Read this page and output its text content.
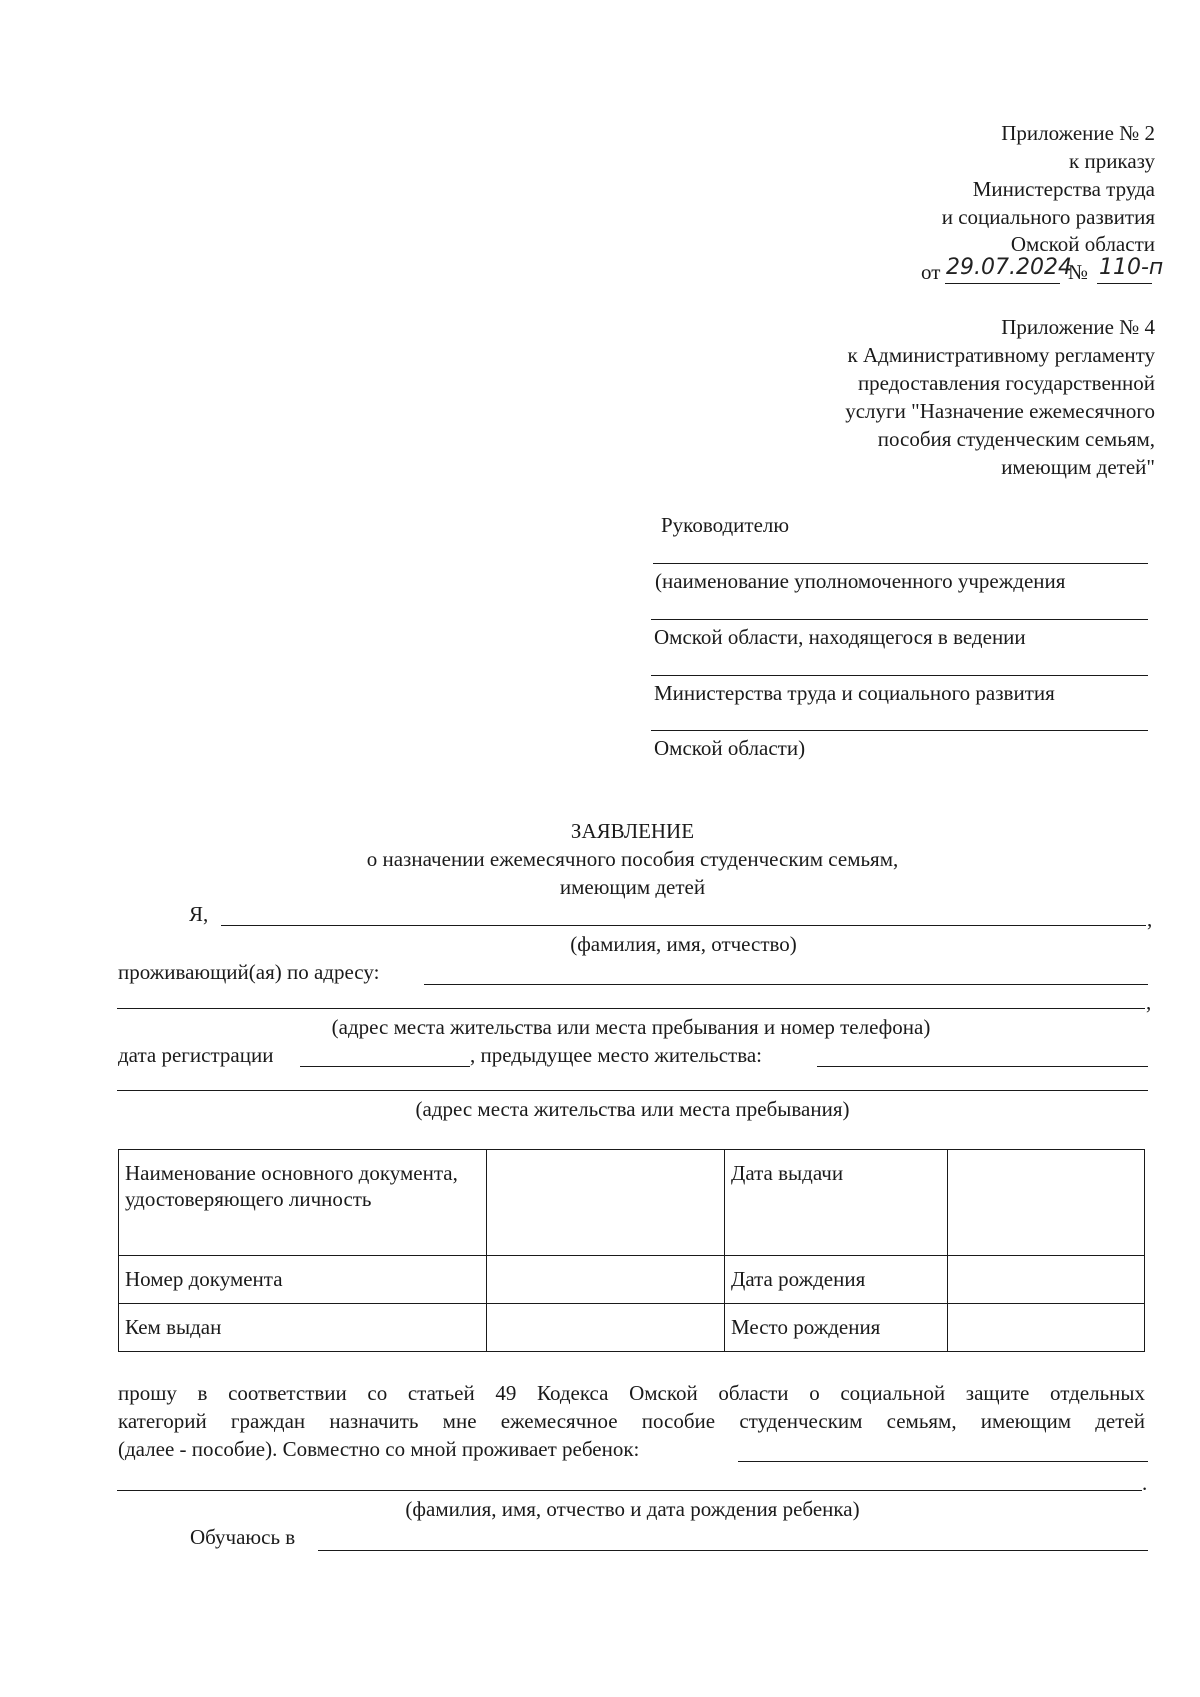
Приложение № 2
к приказу
Министерства труда
и социального развития
Омской области
от 29.07.2024
№ 110-п
Приложение № 4
к Административному регламенту
предоставления государственной
услуги "Назначение ежемесячного
пособия студенческим семьям,
имеющим детей"
Руководителю
(наименование уполномоченного учреждения
Омской области, находящегося в ведении
Министерства труда и социального развития
Омской области)
ЗАЯВЛЕНИЕ
о назначении ежемесячного пособия студенческим семьям,
имеющим детей
Я,	,
(фамилия, имя, отчество)
проживающий(ая) по адресу:
,
(адрес места жительства или места пребывания и номер телефона)
дата регистрации	, предыдущее место жительства:
(адрес места жительства или места пребывания)
Наименование основного документа, удостоверяющего личность		Дата выдачи	
Номер документа		Дата рождения	
Кем выдан		Место рождения	
прошу в соответствии со статьей 49 Кодекса Омской области о социальной защите отдельных
категорий граждан назначить мне ежемесячное пособие студенческим семьям, имеющим детей
(далее - пособие). Совместно со мной проживает ребенок:
.
(фамилия, имя, отчество и дата рождения ребенка)
Обучаюсь в
